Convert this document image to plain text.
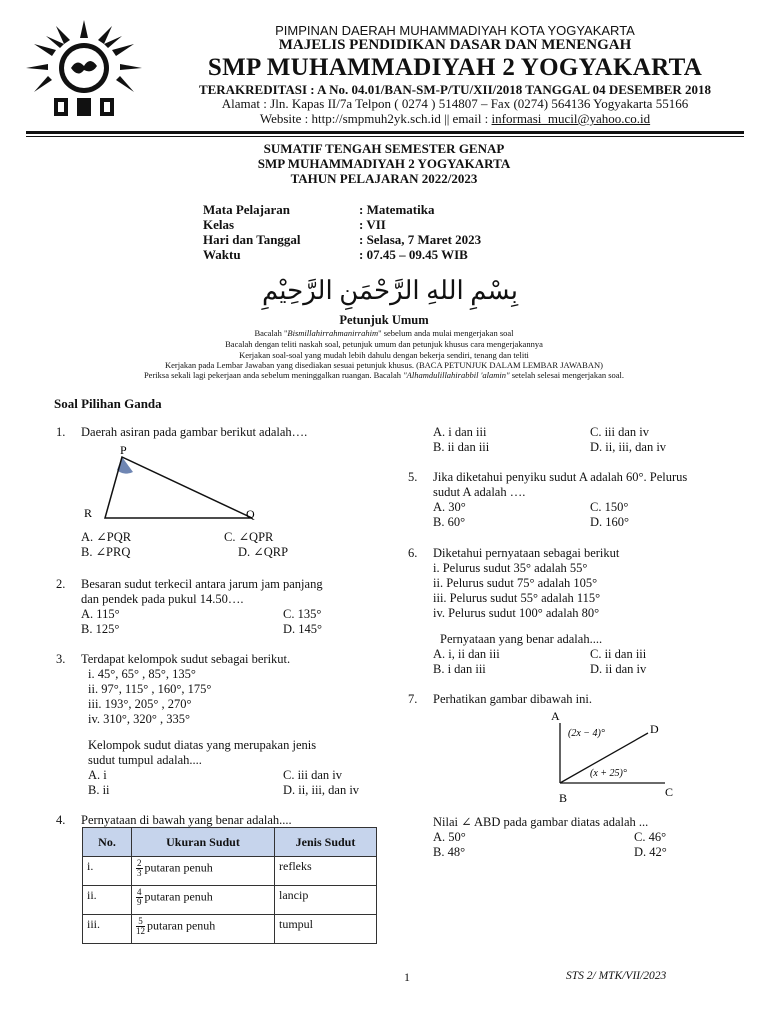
PIMPINAN DAERAH MUHAMMADIYAH KOTA YOGYAKARTA
MAJELIS PENDIDIKAN DASAR DAN MENENGAH
SMP MUHAMMADIYAH 2 YOGYAKARTA
TERAKREDITASI : A No. 04.01/BAN-SM-P/TU/XII/2018 TANGGAL 04 DESEMBER 2018
Alamat : Jln. Kapas II/7a Telpon ( 0274 ) 514807 – Fax (0274) 564136 Yogyakarta 55166
Website : http://smpmuh2yk.sch.id || email : informasi_mucil@yahoo.co.id
SUMATIF TENGAH SEMESTER GENAP
SMP MUHAMMADIYAH 2 YOGYAKARTA
TAHUN PELAJARAN 2022/2023
Mata Pelajaran	: Matematika
Kelas	: VII
Hari dan Tanggal	: Selasa, 7 Maret 2023
Waktu	: 07.45 – 09.45 WIB
بِسْمِ اللهِ الرَّحْمَنِ الرَّحِيْمِ
Petunjuk Umum
Bacalah "Bismillahirrahmanirrahim" sebelum anda mulai mengerjakan soal
Bacalah dengan teliti naskah soal, petunjuk umum dan petunjuk khusus cara mengerjakannya
Kerjakan soal-soal yang mudah lebih dahulu dengan bekerja sendiri, tenang dan teliti
Kerjakan pada Lembar Jawaban yang disediakan sesuai petunjuk khusus. (BACA PETUNJUK DALAM LEMBAR JAWABAN)
Periksa sekali lagi pekerjaan anda sebelum meninggalkan ruangan. Bacalah "Alhamdulillahirabbil 'alamin" setelah selesai mengerjakan soal.
Soal Pilihan Ganda
1. Daerah asiran pada gambar berikut adalah….
P
R	Q
A. ∠PQR	C. ∠QPR
B. ∠PRQ	D. ∠QRP
2. Besaran sudut terkecil antara jarum jam panjang
dan pendek pada pukul 14.50….
A. 115°	C. 135°
B. 125°	D. 145°
3. Terdapat kelompok sudut sebagai berikut.
i. 45°, 65° , 85°, 135°
ii. 97°, 115° , 160°, 175°
iii. 193°, 205° , 270°
iv. 310°, 320° , 335°
Kelompok sudut diatas yang merupakan jenis
sudut tumpul adalah....
A. i	C. iii dan iv
B. ii	D. ii, iii, dan iv
4. Pernyataan di bawah yang benar adalah....
No.	Ukuran Sudut	Jenis Sudut
i.	$\frac{2}{3}$ putaran penuh	refleks
ii.	$\frac{4}{9}$ putaran penuh	lancip
iii.	$\frac{5}{12}$ putaran penuh	tumpul
A. i dan iii	C. iii dan iv
B. ii dan iii	D. ii, iii, dan iv
5. Jika diketahui penyiku sudut A adalah 60°. Pelurus
sudut A adalah ….
A. 30°	C. 150°
B. 60°	D. 160°
6. Diketahui pernyataan sebagai berikut
i. Pelurus sudut 35° adalah 55°
ii. Pelurus sudut 75° adalah 105°
iii. Pelurus sudut 55° adalah 115°
iv. Pelurus sudut 100° adalah 80°
Pernyataan yang benar adalah....
A. i, ii dan iii	C. ii dan iii
B. i dan iii	D. ii dan iv
7. Perhatikan gambar dibawah ini.
A
D
B	C
(2x − 4)°
(x + 25)°
Nilai ∠ ABD pada gambar diatas adalah ...
A. 50°	C. 46°
B. 48°	D. 42°
1	STS 2/ MTK/VII/2023
